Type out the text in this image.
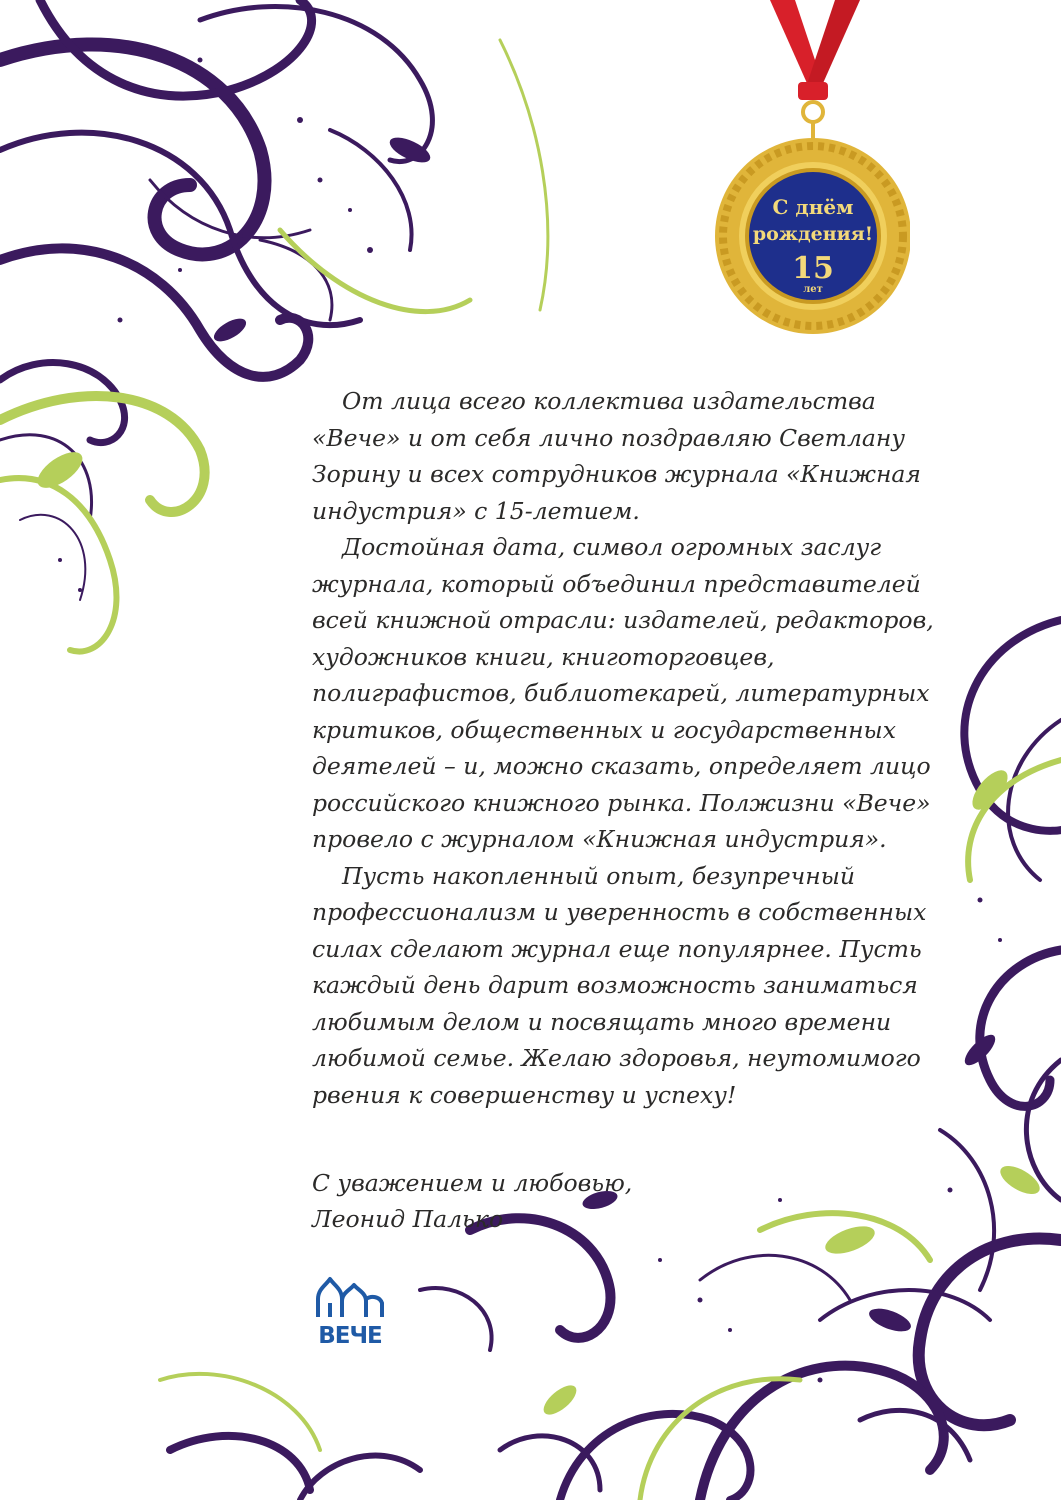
С днём
рождения!
15
лет

От лица всего коллектива издательства
«Вече» и от себя лично поздравляю Светлану
Зорину и всех сотрудников журнала «Книжная
индустрия» с 15-летием.

Достойная дата, символ огромных заслуг
журнала, который объединил представителей
всей книжной отрасли: издателей, редакторов,
художников книги, книготорговцев,
полиграфистов, библиотекарей, литературных
критиков, общественных и государственных
деятелей – и, можно сказать, определяет лицо
российского книжного рынка. Полжизни «Вече»
провело с журналом «Книжная индустрия».

Пусть накопленный опыт, безупречный
профессионализм и уверенность в собственных
силах сделают журнал еще популярнее. Пусть
каждый день дарит возможность заниматься
любимым делом и посвящать много времени
любимой семье. Желаю здоровья, неутомимого
рвения к совершенству и успеху!

С уважением и любовью,
Леонид Палько
ВЕЧЕ
